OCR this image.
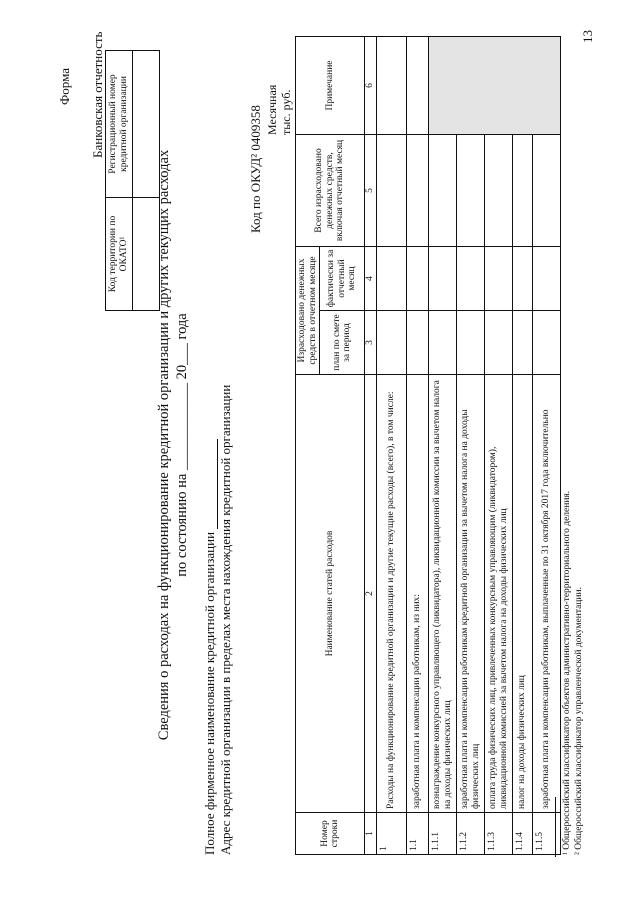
Форма Банковская отчетность
Код территории по ОКАТО¹	Регистрационный номер кредитной организации

Сведения о расходах на функционирование кредитной организации и других текущих расходах по состоянию на ____________ 20___ года
Полное фирменное наименование кредитной организации Адрес кредитной организации в пределах места нахождения кредитной организации
Код по ОКУД² 0409358 Месячная тыс. руб.
Номер строки	Наименование статей расходов	Израсходовано денежных средств в отчетном месяце		Всего израсходовано денежных средств, включая отчетный месяц	Примечание
		план по смете за период	фактически за отчетный месяц		
1	2	3	4	5	6
1	Расходы на функционирование кредитной организации и другие текущие расходы (всего), в том числе:				
1.1	заработная плата и компенсации работникам, из них:				
1.1.1	вознаграждение конкурсного управляющего (ликвидатора), ликвидационной комиссии за вычетом налога на доходы физических лиц				
1.1.2	заработная плата и компенсации работникам кредитной организации за вычетом налога на доходы физических лиц				
1.1.3	оплата труда физических лиц, привлеченных конкурсным управляющим (ликвидатором), ликвидационной комиссией за вычетом налога на доходы физических лиц				
1.1.4	налог на доходы физических лиц				
1.1.5	заработная плата и компенсации работникам, выплаченные по 31 октября 2017 года включительно				¹ Общероссийский классификатор объектов административно-территориального деления. ² Общероссийский классификатор управленческой документации.
13
